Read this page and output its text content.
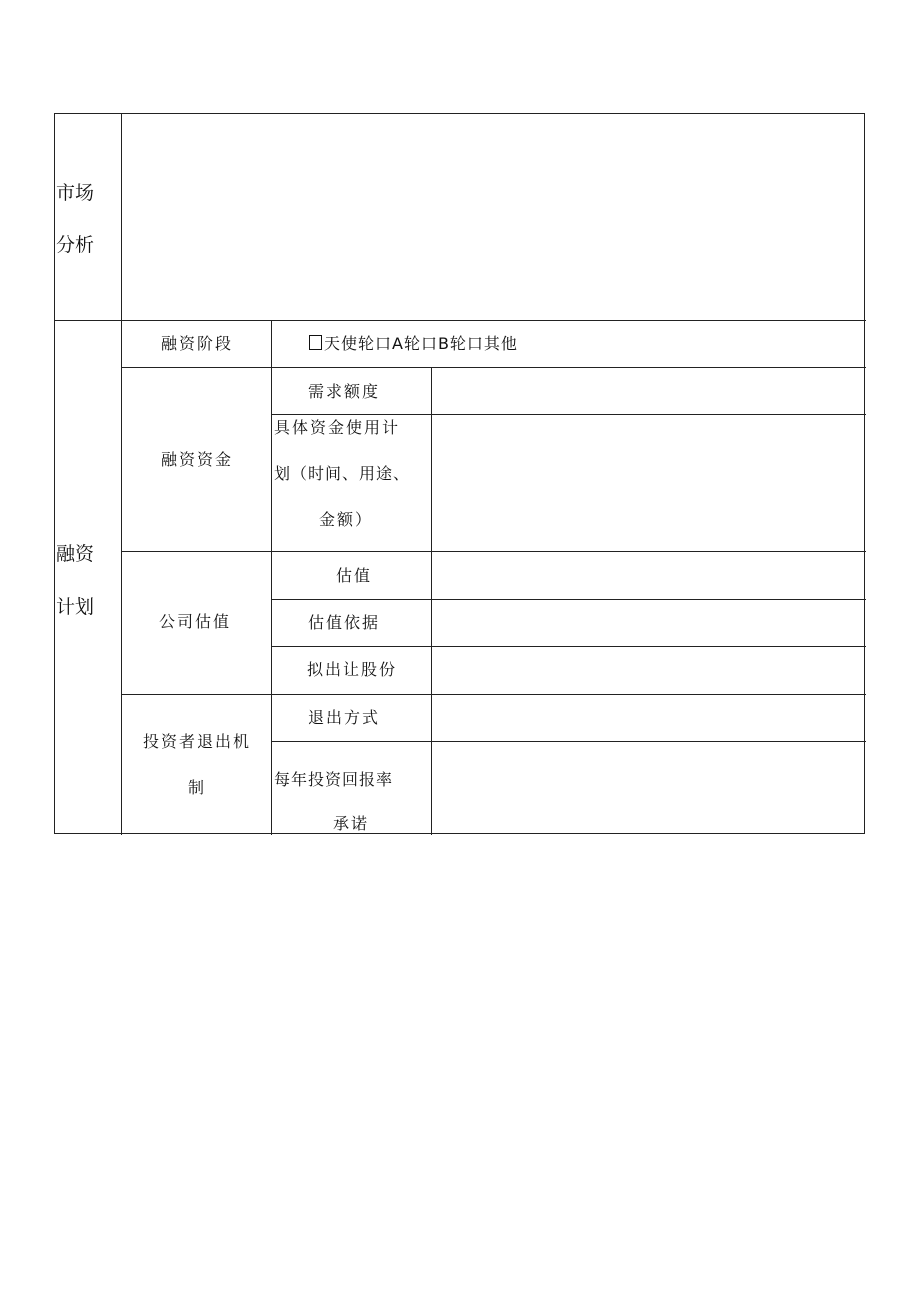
市场
分析
融资
计划
融资阶段	天使轮口A轮口B轮口其他
融资资金
需求额度
具体资金使用计
划（时间、用途、
金额）
公司估值
估值
估值依据
拟出让股份
投资者退出机
制
退出方式
每年投资回报率
承诺
